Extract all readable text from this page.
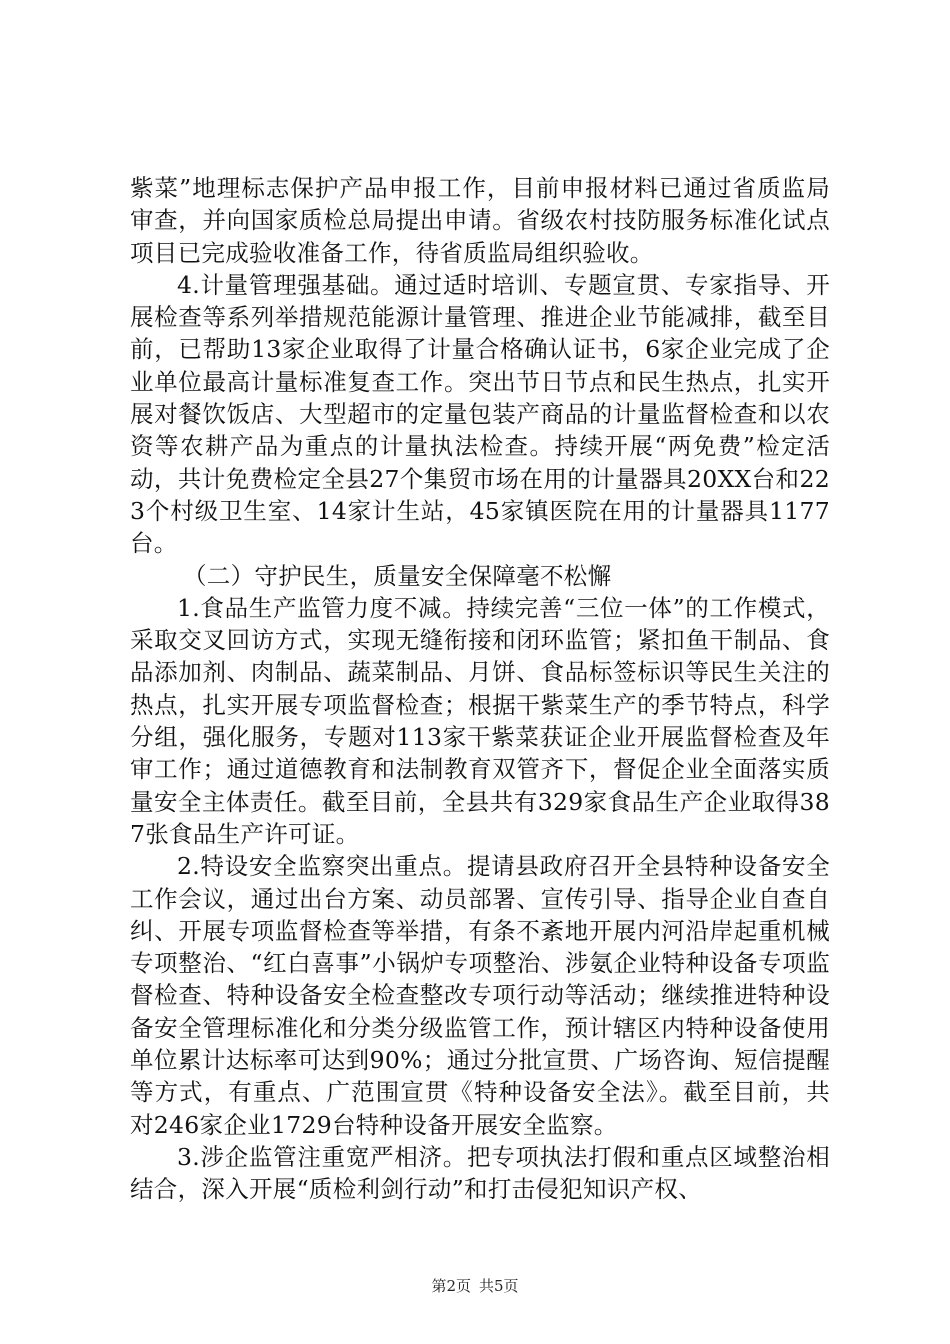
紫菜”地理标志保护产品申报工作，目前申报材料已通过省质监局审查，并向国家质检总局提出申请。省级农村技防服务标准化试点项目已完成验收准备工作，待省质监局组织验收。

4.计量管理强基础。通过适时培训、专题宣贯、专家指导、开展检查等系列举措规范能源计量管理、推进企业节能减排，截至目前，已帮助13家企业取得了计量合格确认证书，6家企业完成了企业单位最高计量标准复查工作。突出节日节点和民生热点，扎实开展对餐饮饭店、大型超市的定量包装产商品的计量监督检查和以农资等农耕产品为重点的计量执法检查。持续开展“两免费”检定活动，共计免费检定全县27个集贸市场在用的计量器具20XX台和223个村级卫生室、14家计生站，45家镇医院在用的计量器具1177台。

（二）守护民生，质量安全保障毫不松懈

1.食品生产监管力度不减。持续完善“三位一体”的工作模式，采取交叉回访方式，实现无缝衔接和闭环监管；紧扣鱼干制品、食品添加剂、肉制品、蔬菜制品、月饼、食品标签标识等民生关注的热点，扎实开展专项监督检查；根据干紫菜生产的季节特点，科学分组，强化服务，专题对113家干紫菜获证企业开展监督检查及年审工作；通过道德教育和法制教育双管齐下，督促企业全面落实质量安全主体责任。截至目前，全县共有329家食品生产企业取得387张食品生产许可证。

2.特设安全监察突出重点。提请县政府召开全县特种设备安全工作会议，通过出台方案、动员部署、宣传引导、指导企业自查自纠、开展专项监督检查等举措，有条不紊地开展内河沿岸起重机械专项整治、“红白喜事”小锅炉专项整治、涉氨企业特种设备专项监督检查、特种设备安全检查整改专项行动等活动；继续推进特种设备安全管理标准化和分类分级监管工作，预计辖区内特种设备使用单位累计达标率可达到90%；通过分批宣贯、广场咨询、短信提醒等方式，有重点、广范围宣贯《特种设备安全法》。截至目前，共对246家企业1729台特种设备开展安全监察。

3.涉企监管注重宽严相济。把专项执法打假和重点区域整治相结合，深入开展“质检利剑行动”和打击侵犯知识产权、

第2页 共5页
